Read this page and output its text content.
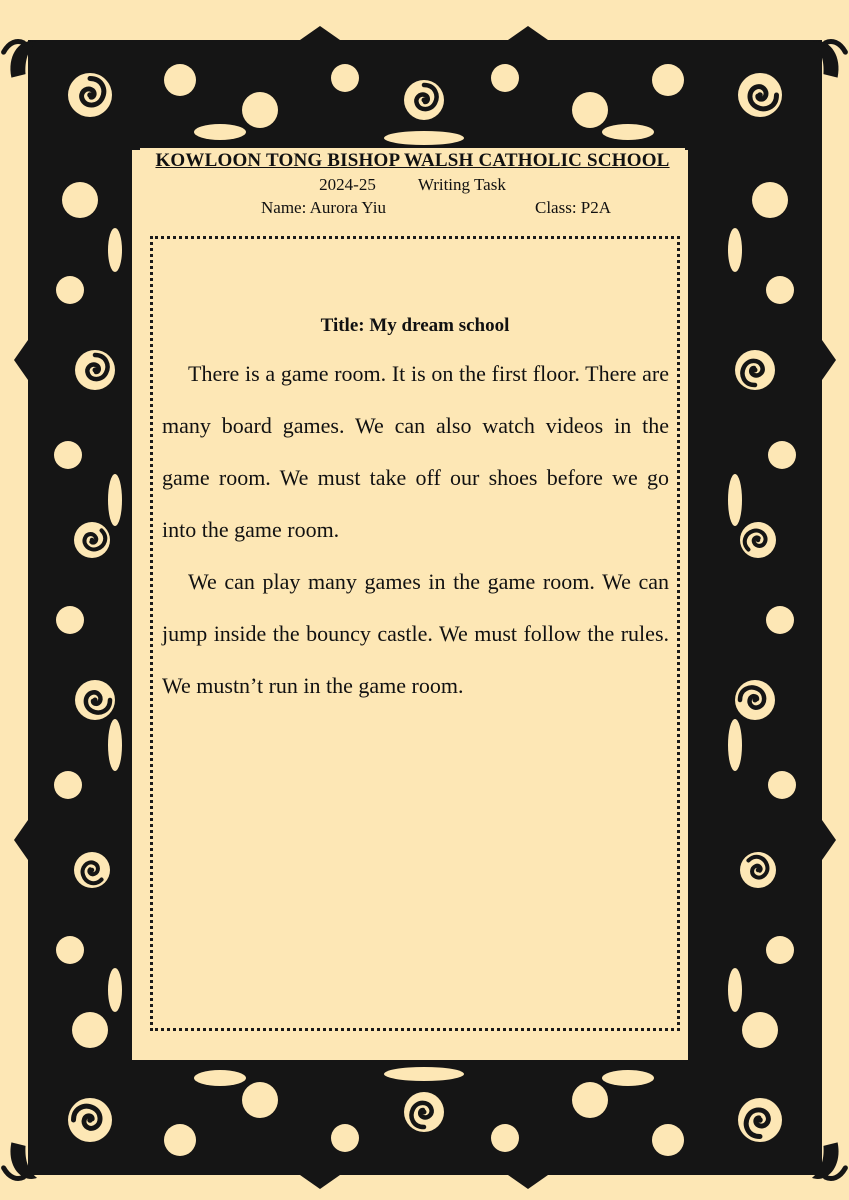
KOWLOON TONG BISHOP WALSH CATHOLIC SCHOOL
2024-25 Writing Task
Name: Aurora Yiu	Class: P2A
Title: My dream school

There is a game room. It is on the first floor. There are many board games. We can also watch videos in the game room. We must take off our shoes before we go into the game room.

We can play many games in the game room. We can jump inside the bouncy castle. We must follow the rules. We mustn’t run in the game room.
